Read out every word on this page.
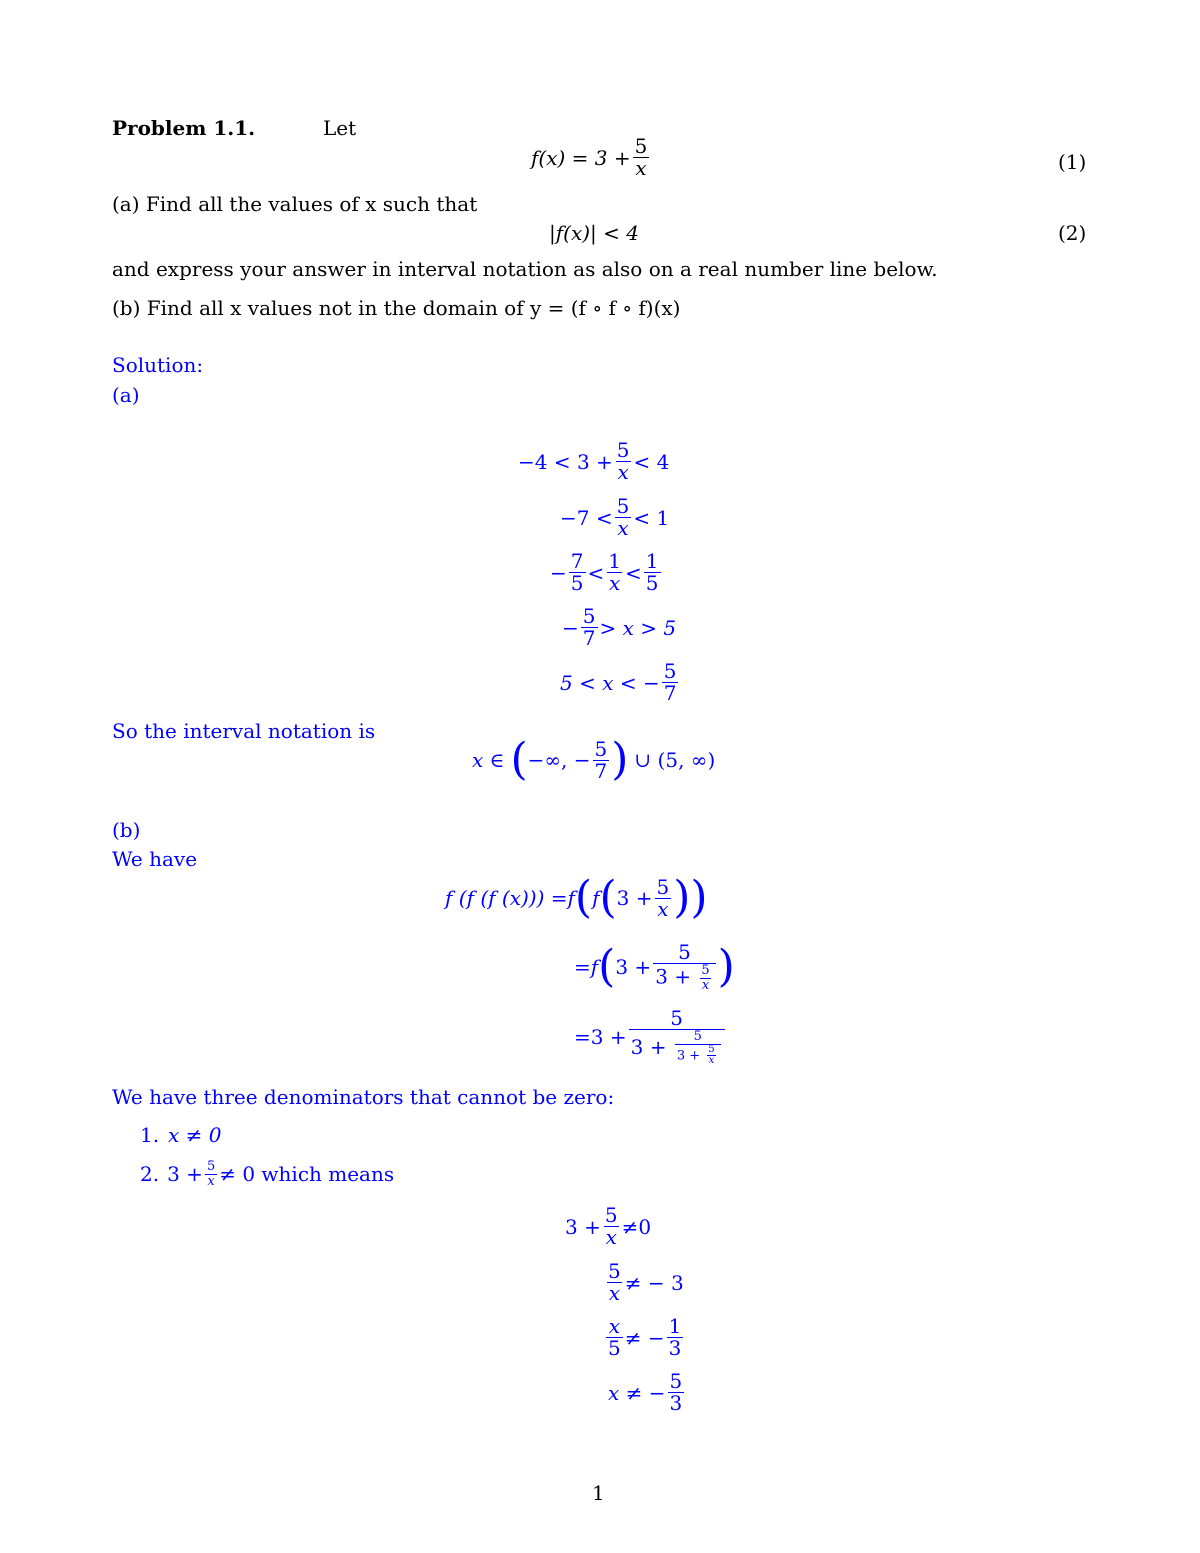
Problem 1.1.	Let
$f(x) = 3 + \frac{5}{x}$	(1)
(a) Find all the values of x such that
|f(x)| < 4	(2)
and express your answer in interval notation as also on a real number line below.
(b) Find all x values not in the domain of y = (f ∘ f ∘ f)(x)
Solution:
(a)
$-4 < 3 + \frac{5}{x} < 4$
$-7 < \frac{5}{x} < 1$
− $\frac{7}{5} < \frac{1}{x} < \frac{1}{5}$
− $\frac{5}{7} > x > 5$
5 < x < − $\frac{5}{7}$
So the interval notation is
x ∈ ( −∞, − $\frac{5}{7}$ ) ∪ (5, ∞)
(b)
We have
f (f (f (x))) = f ( f ( $3 + \frac{5}{x}$ ) )
= f ( $3 + \frac{5}{3 + \frac{5}{x}}$ )
$=3 + \frac{5}{3 + \frac{5}{3 + \frac{5}{x}}}$
We have three denominators that cannot be zero:
1. x ≠ 0
2. $3 + \frac{5}{x} \ne 0$ which means
$3 + \frac{5}{x} \ne 0$
$\frac{5}{x}$ ≠ − 3
$\frac{x}{5}$ ≠ − $\frac{1}{3}$
x ≠ − $\frac{5}{3}$
1
